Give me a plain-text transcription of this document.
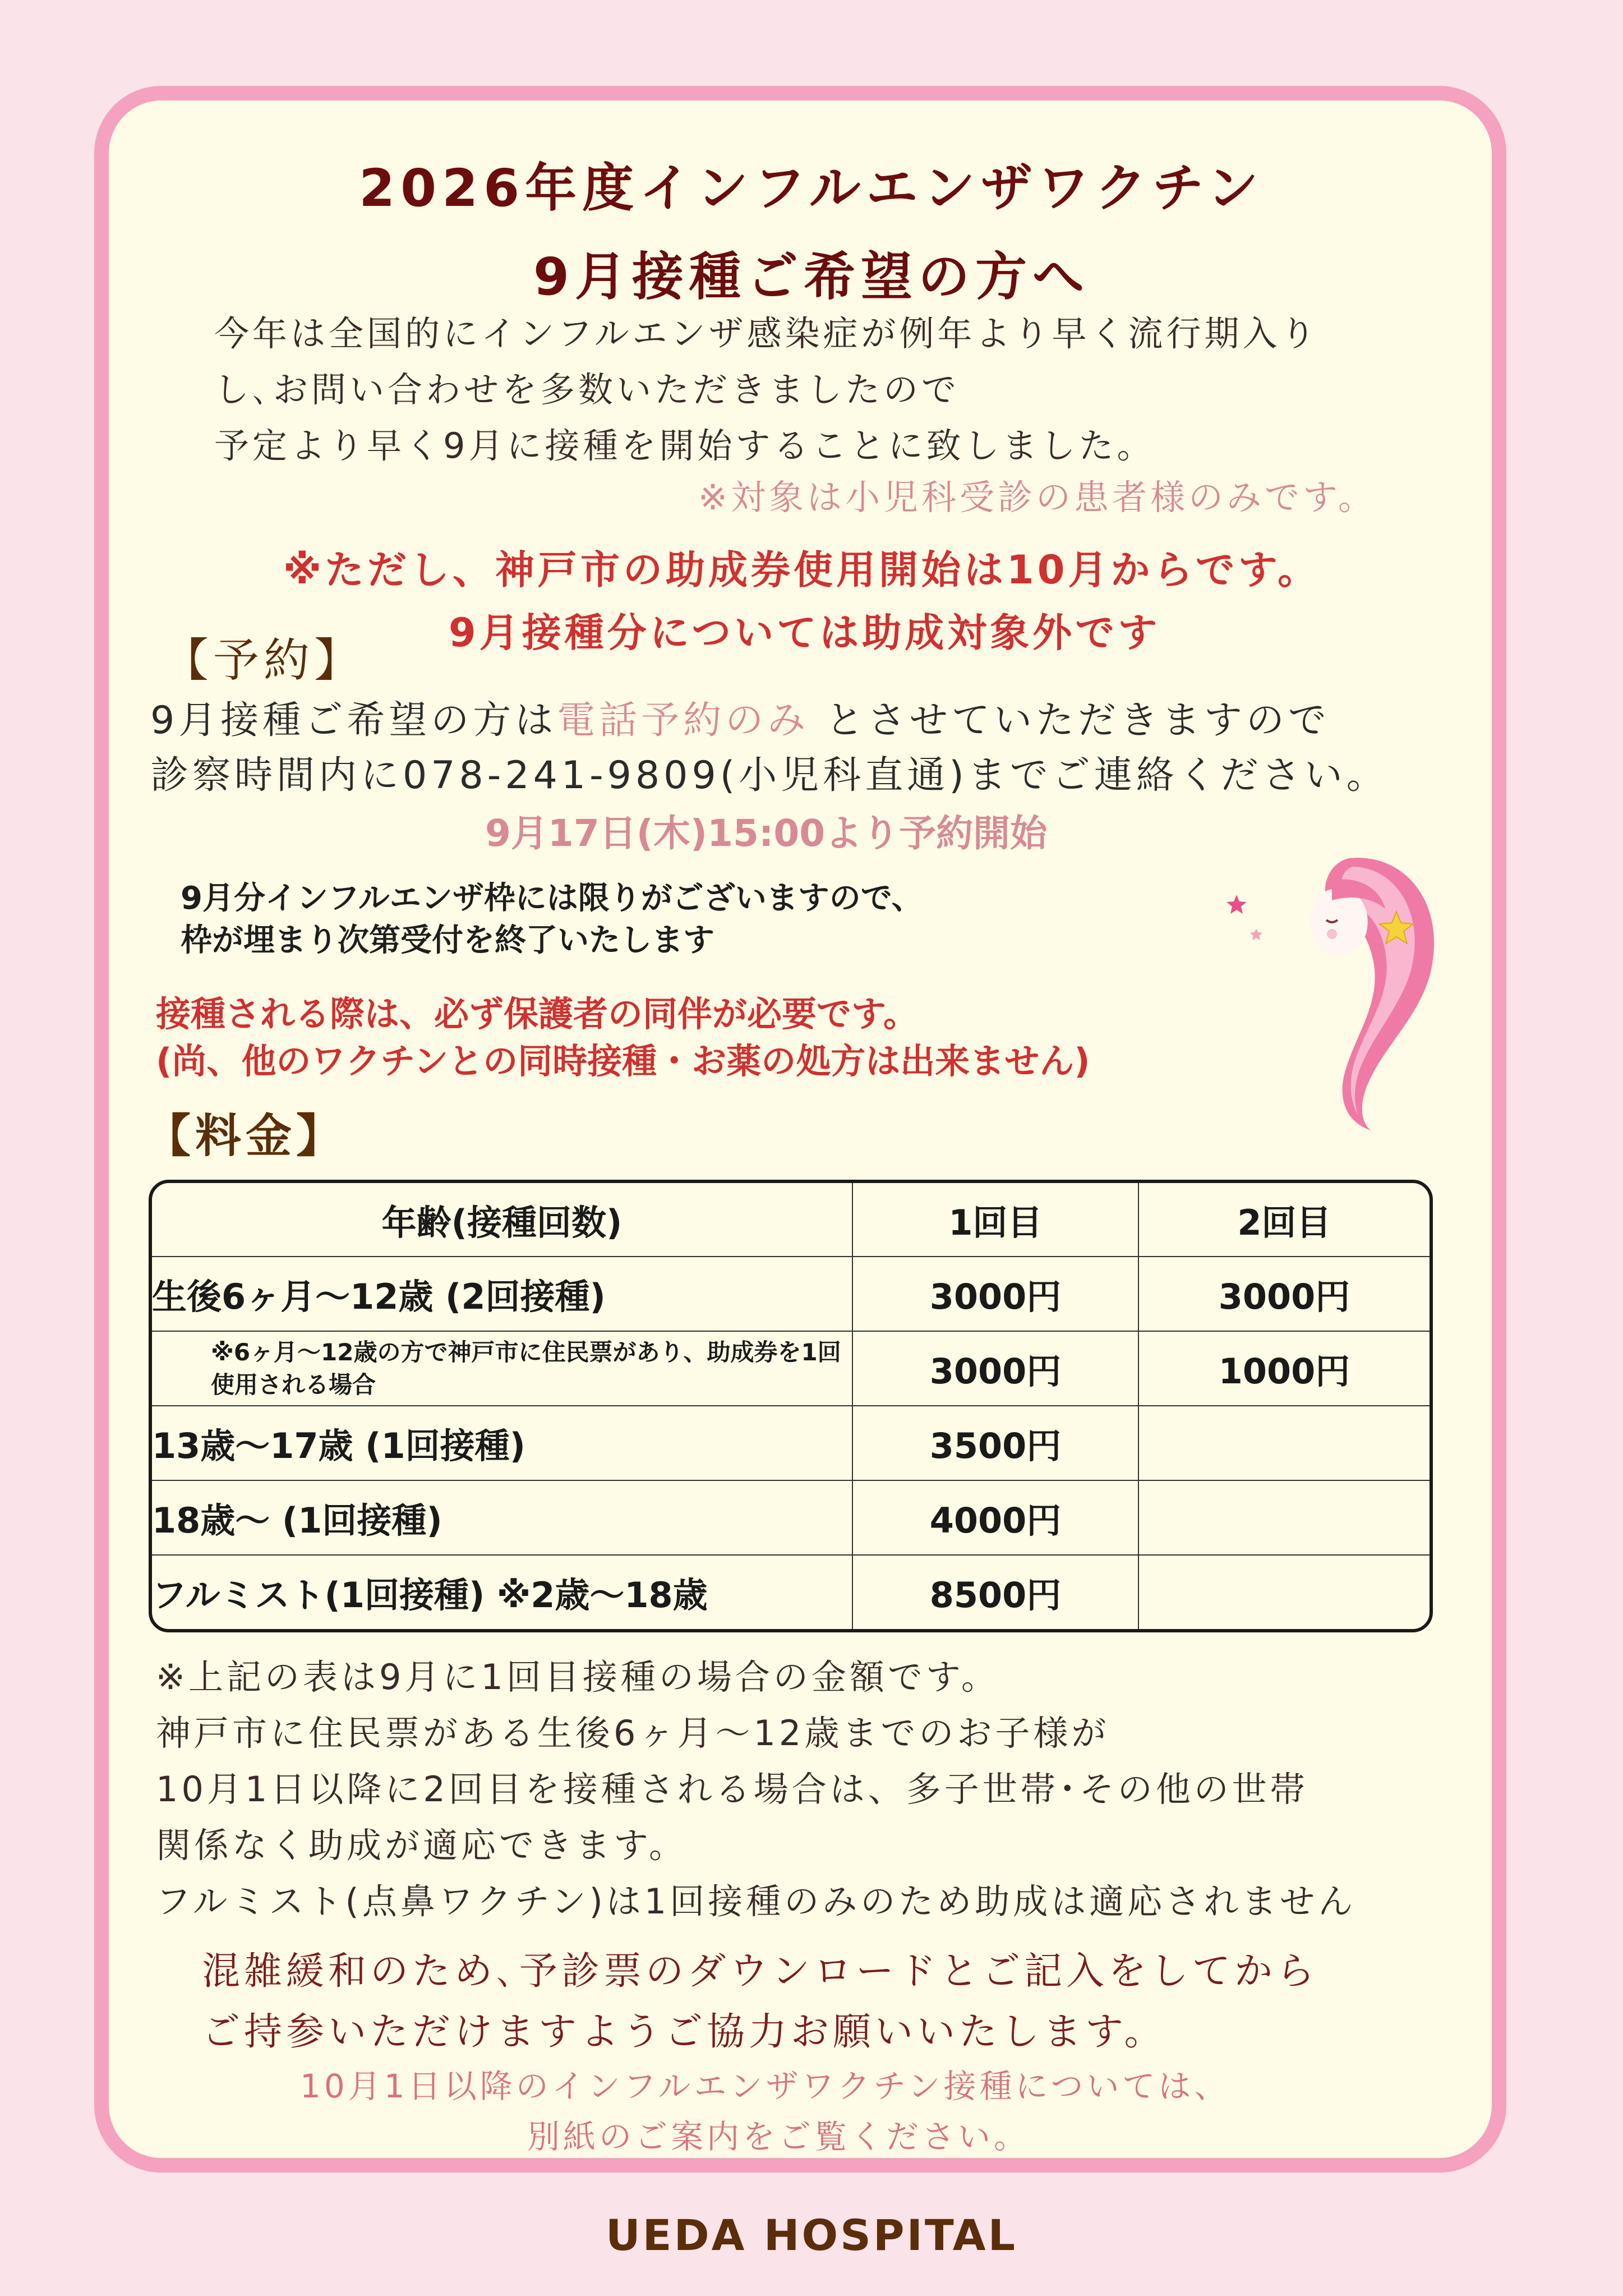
2026年度インフルエンザワクチン
9月接種ご希望の方へ
今年は全国的にインフルエンザ感染症が例年より早く流行期入り
し､お問い合わせを多数いただきましたので
予定より早く9月に接種を開始することに致しました。
※対象は小児科受診の患者様のみです。
※ただし、神戸市の助成券使用開始は10月からです。
9月接種分については助成対象外です
【予約】
9月接種ご希望の方は電話予約のみ とさせていただきますので
診察時間内に078-241-9809(小児科直通)までご連絡ください。
9月17日(木)15:00より予約開始
9月分インフルエンザ枠には限りがございますので、
枠が埋まり次第受付を終了いたします
接種される際は、必ず保護者の同伴が必要です。
(尚、他のワクチンとの同時接種・お薬の処方は出来ません)
【料金】
年齢(接種回数)	1回目	2回目
生後6ヶ月～12歳 (2回接種)	3000円	3000円
※6ヶ月～12歳の方で神戸市に住民票があり、助成券を1回使用される場合	3000円	1000円
13歳～17歳 (1回接種)	3500円	
18歳～ (1回接種)	4000円	
フルミスト(1回接種) ※2歳～18歳	8500円	
※上記の表は9月に1回目接種の場合の金額です。
神戸市に住民票がある生後6ヶ月～12歳までのお子様が
10月1日以降に2回目を接種される場合は、多子世帯･その他の世帯
関係なく助成が適応できます。
フルミスト(点鼻ワクチン)は1回接種のみのため助成は適応されません
混雑緩和のため､予診票のダウンロードとご記入をしてから
ご持参いただけますようご協力お願いいたします。
10月1日以降のインフルエンザワクチン接種については、
別紙のご案内をご覧ください。
UEDA HOSPITAL
